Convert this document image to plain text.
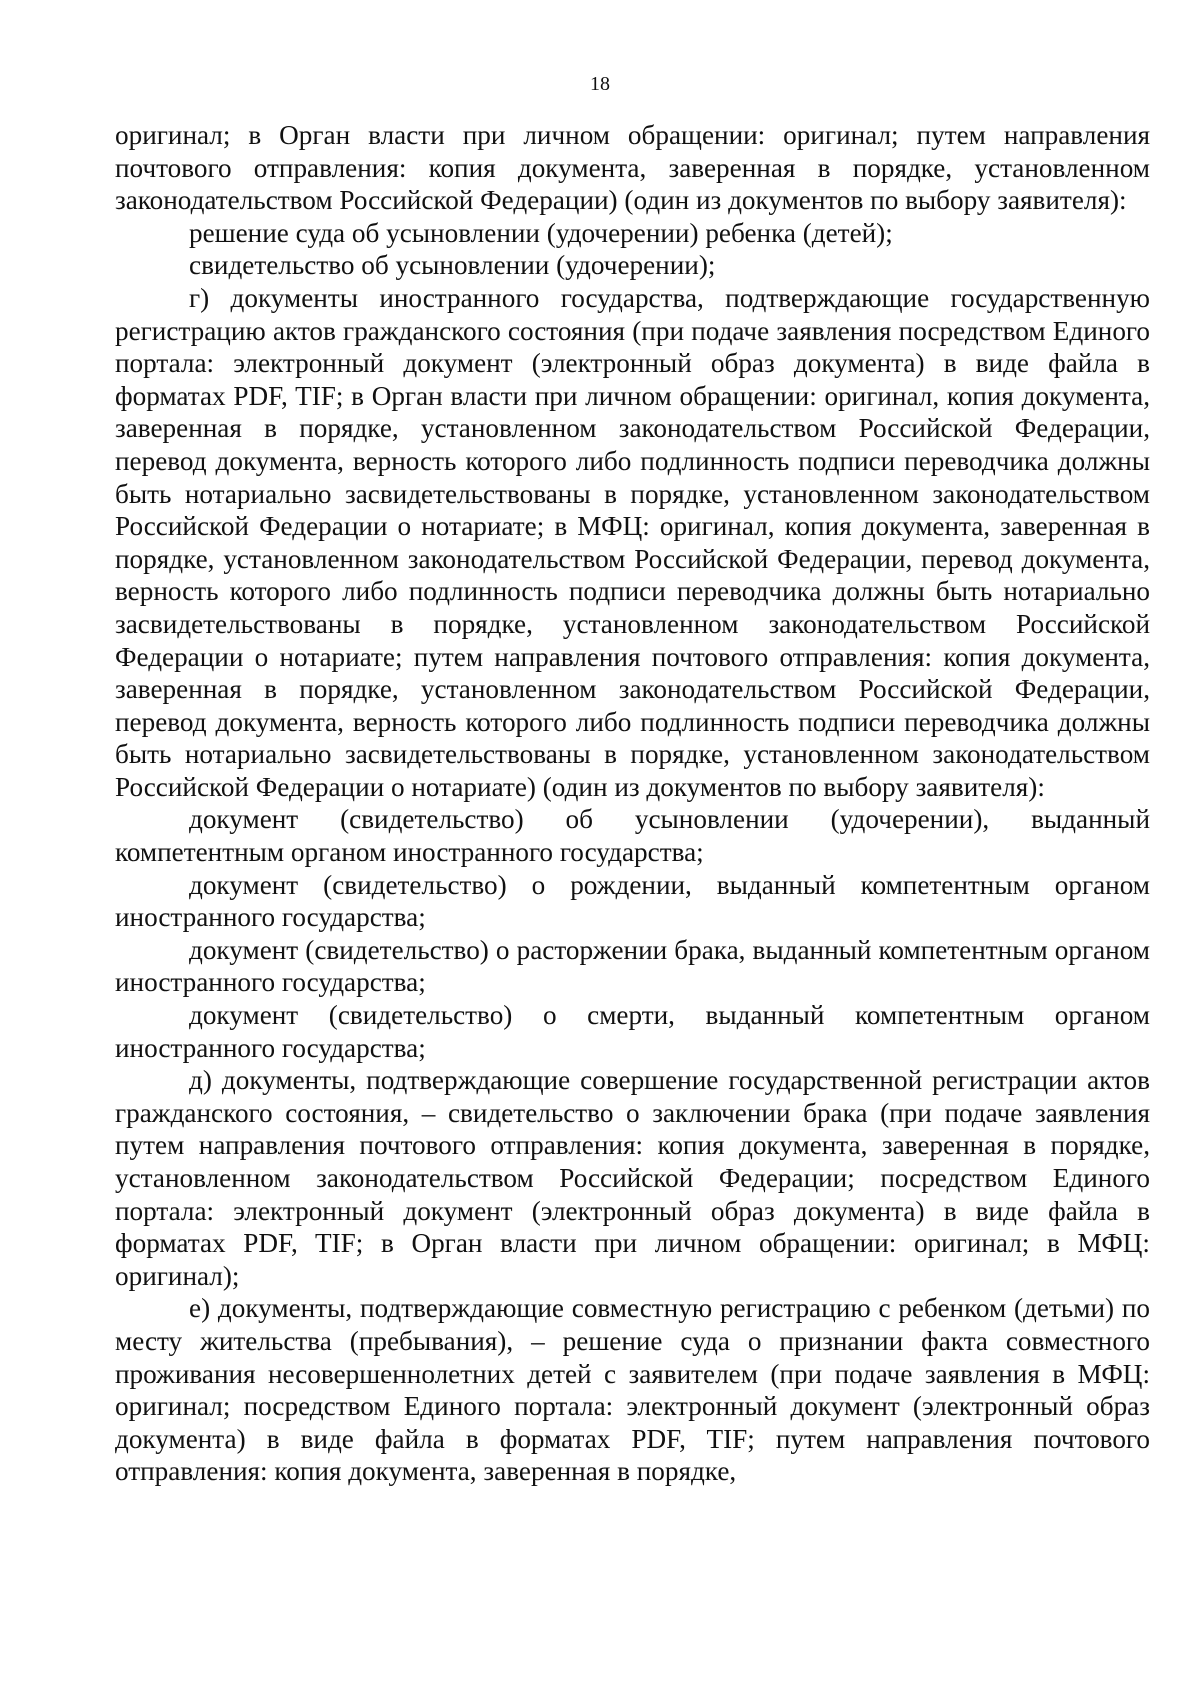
18

оригинал; в Орган власти при личном обращении: оригинал; путем направления почтового отправления: копия документа, заверенная в порядке, установленном законодательством Российской Федерации) (один из документов по выбору заявителя):

решение суда об усыновлении (удочерении) ребенка (детей);

свидетельство об усыновлении (удочерении);

г) документы иностранного государства, подтверждающие государственную регистрацию актов гражданского состояния (при подаче заявления посредством Единого портала: электронный документ (электронный образ документа) в виде файла в форматах PDF, TIF; в Орган власти при личном обращении: оригинал, копия документа, заверенная в порядке, установленном законодательством Российской Федерации, перевод документа, верность которого либо подлинность подписи переводчика должны быть нотариально засвидетельствованы в порядке, установленном законодательством Российской Федерации о нотариате; в МФЦ: оригинал, копия документа, заверенная в порядке, установленном законодательством Российской Федерации, перевод документа, верность которого либо подлинность подписи переводчика должны быть нотариально засвидетельствованы в порядке, установленном законодательством Российской Федерации о нотариате; путем направления почтового отправления: копия документа, заверенная в порядке, установленном законодательством Российской Федерации, перевод документа, верность которого либо подлинность подписи переводчика должны быть нотариально засвидетельствованы в порядке, установленном законодательством Российской Федерации о нотариате) (один из документов по выбору заявителя):

документ (свидетельство) об усыновлении (удочерении), выданный компетентным органом иностранного государства;

документ (свидетельство) о рождении, выданный компетентным органом иностранного государства;

документ (свидетельство) о расторжении брака, выданный компетентным органом иностранного государства;

документ (свидетельство) о смерти, выданный компетентным органом иностранного государства;

д) документы, подтверждающие совершение государственной регистрации актов гражданского состояния, – свидетельство о заключении брака (при подаче заявления путем направления почтового отправления: копия документа, заверенная в порядке, установленном законодательством Российской Федерации; посредством Единого портала: электронный документ (электронный образ документа) в виде файла в форматах PDF, TIF; в Орган власти при личном обращении: оригинал; в МФЦ: оригинал);

е) документы, подтверждающие совместную регистрацию с ребенком (детьми) по месту жительства (пребывания), – решение суда о признании факта совместного проживания несовершеннолетних детей с заявителем (при подаче заявления в МФЦ: оригинал; посредством Единого портала: электронный документ (электронный образ документа) в виде файла в форматах PDF, TIF; путем направления почтового отправления: копия документа, заверенная в порядке,
